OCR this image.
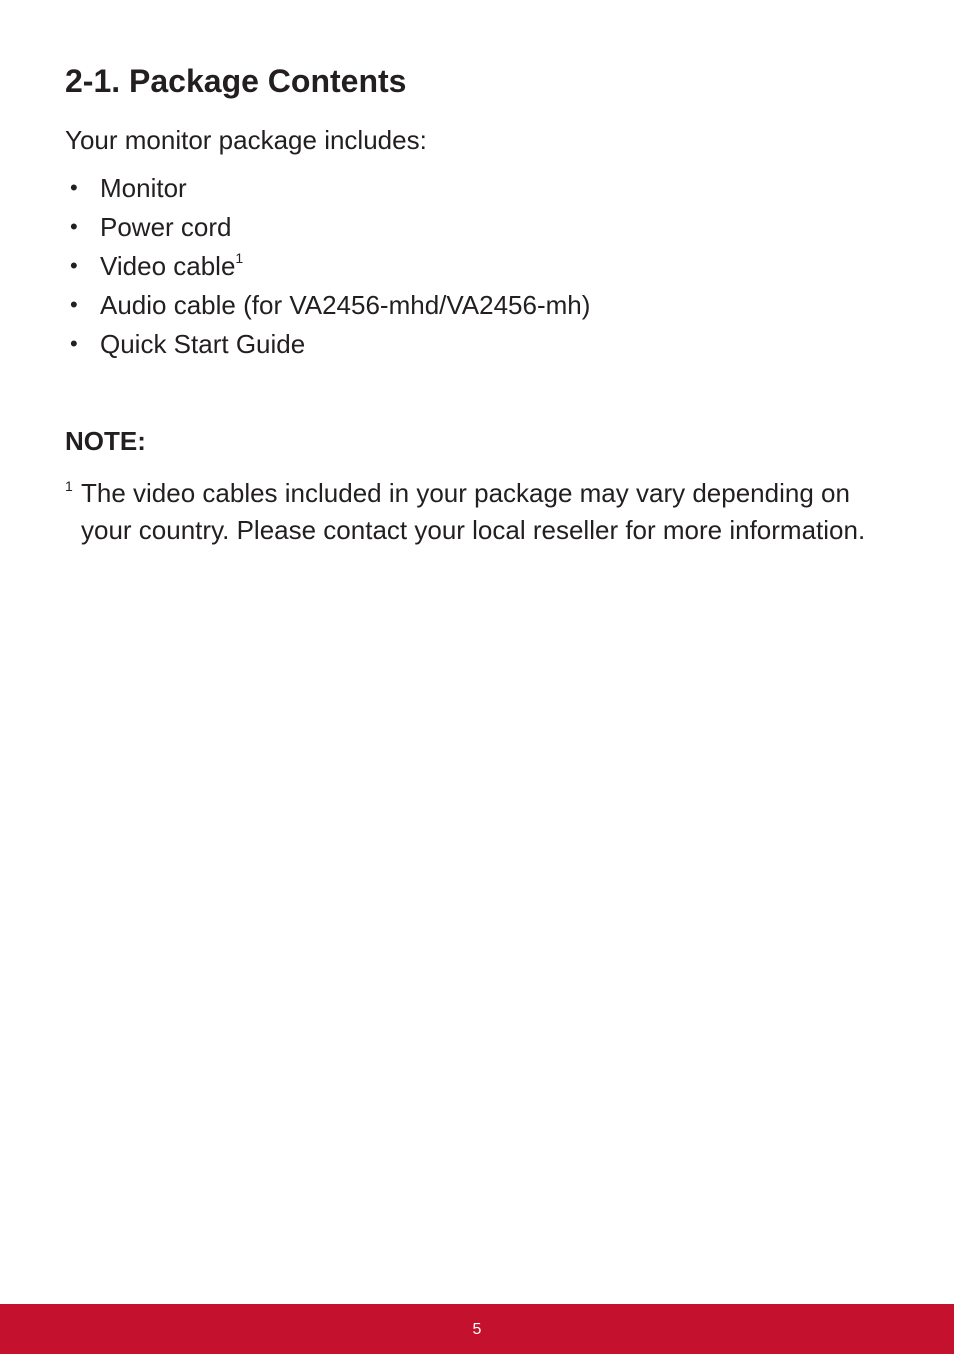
2-1. Package Contents

Your monitor package includes:

• Monitor
• Power cord
• Video cable$^1$
• Audio cable (for VA2456-mhd/VA2456-mh)
• Quick Start Guide
NOTE:

1 The video cables included in your package may vary depending on your country. Please contact your local reseller for more information.

5
